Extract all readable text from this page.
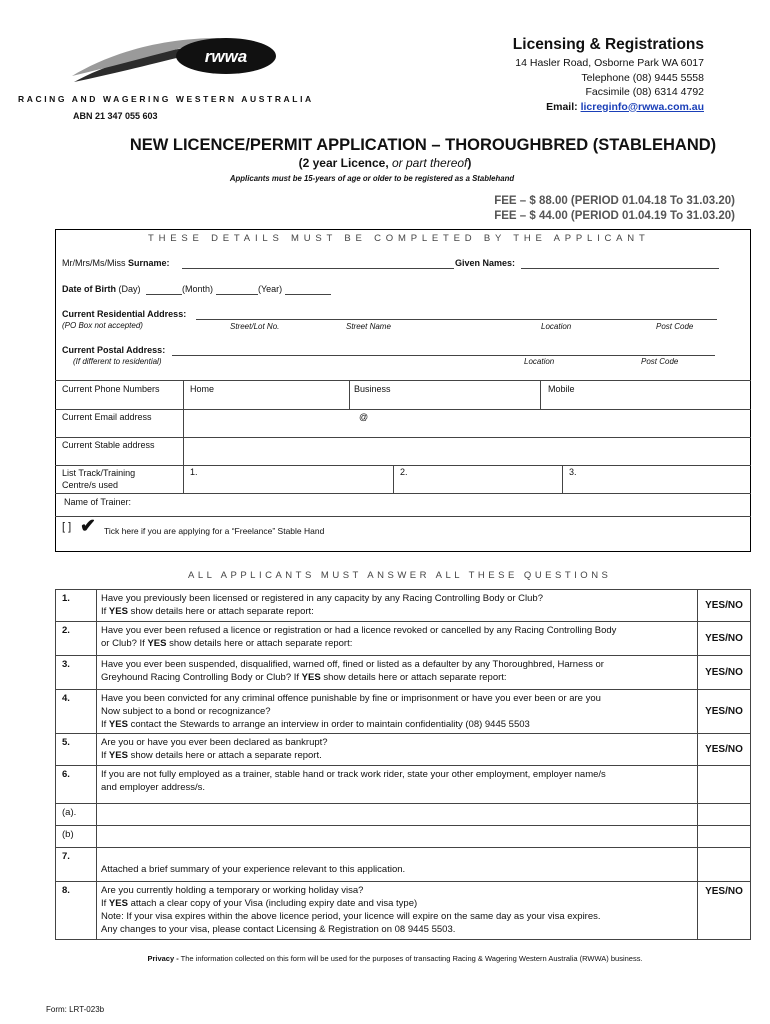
rwwa
RACING AND WAGERING WESTERN AUSTRALIA
ABN 21 347 055 603
Licensing & Registrations
14 Hasler Road, Osborne Park WA 6017
Telephone (08) 9445 5558
Facsimile (08) 6314 4792
Email: licreginfo@rwwa.com.au
NEW LICENCE/PERMIT APPLICATION – THOROUGHBRED (STABLEHAND)
(2 year Licence, or part thereof)
Applicants must be 15-years of age or older to be registered as a Stablehand
FEE – $ 88.00 (PERIOD 01.04.18 To 31.03.20)
FEE – $ 44.00 (PERIOD 01.04.19 To 31.03.20)
THESE DETAILS MUST BE COMPLETED BY THE APPLICANT
Mr/Mrs/Ms/Miss Surname:	Given Names:
Date of Birth (Day)	(Month)	(Year)
Current Residential Address:
(PO Box not accepted)	Street/Lot No.	Street Name	Location	Post Code
Current Postal Address:
(If different to residential)	Location	Post Code
Current Phone Numbers	Home	Business	Mobile
Current Email address	@
Current Stable address
List Track/Training
Centre/s used
1.	2.	3.
Name of Trainer:
[ ] ✔ Tick here if you are applying for a “Freelance” Stable Hand
ALL APPLICANTS MUST ANSWER ALL THESE QUESTIONS
1.	Have you previously been licensed or registered in any capacity by any Racing Controlling Body or Club?
If YES show details here or attach separate report:	YES/NO
2.	Have you ever been refused a licence or registration or had a licence revoked or cancelled by any Racing Controlling Body
or Club? If YES show details here or attach separate report:	YES/NO
3.	Have you ever been suspended, disqualified, warned off, fined or listed as a defaulter by any Thoroughbred, Harness or
Greyhound Racing Controlling Body or Club? If YES show details here or attach separate report:	YES/NO
4.	Have you been convicted for any criminal offence punishable by fine or imprisonment or have you ever been or are you
Now subject to a bond or recognizance?
If YES contact the Stewards to arrange an interview in order to maintain confidentiality (08) 9445 5503	YES/NO
5.	Are you or have you ever been declared as bankrupt?
If YES show details here or attach a separate report.	YES/NO
6.	If you are not fully employed as a trainer, stable hand or track work rider, state your other employment, employer name/s
and employer address/s.	

(a).		
(b)		
7.	Attached a brief summary of your experience relevant to this application.	

8.	Are you currently holding a temporary or working holiday visa?
If YES attach a clear copy of your Visa (including expiry date and visa type)
Note: If your visa expires within the above licence period, your licence will expire on the same day as your visa expires.
Any changes to your visa, please contact Licensing & Registration on 08 9445 5503.	YES/NO
Privacy - The information collected on this form will be used for the purposes of transacting Racing & Wagering Western Australia (RWWA) business.
Form: LRT-023b
